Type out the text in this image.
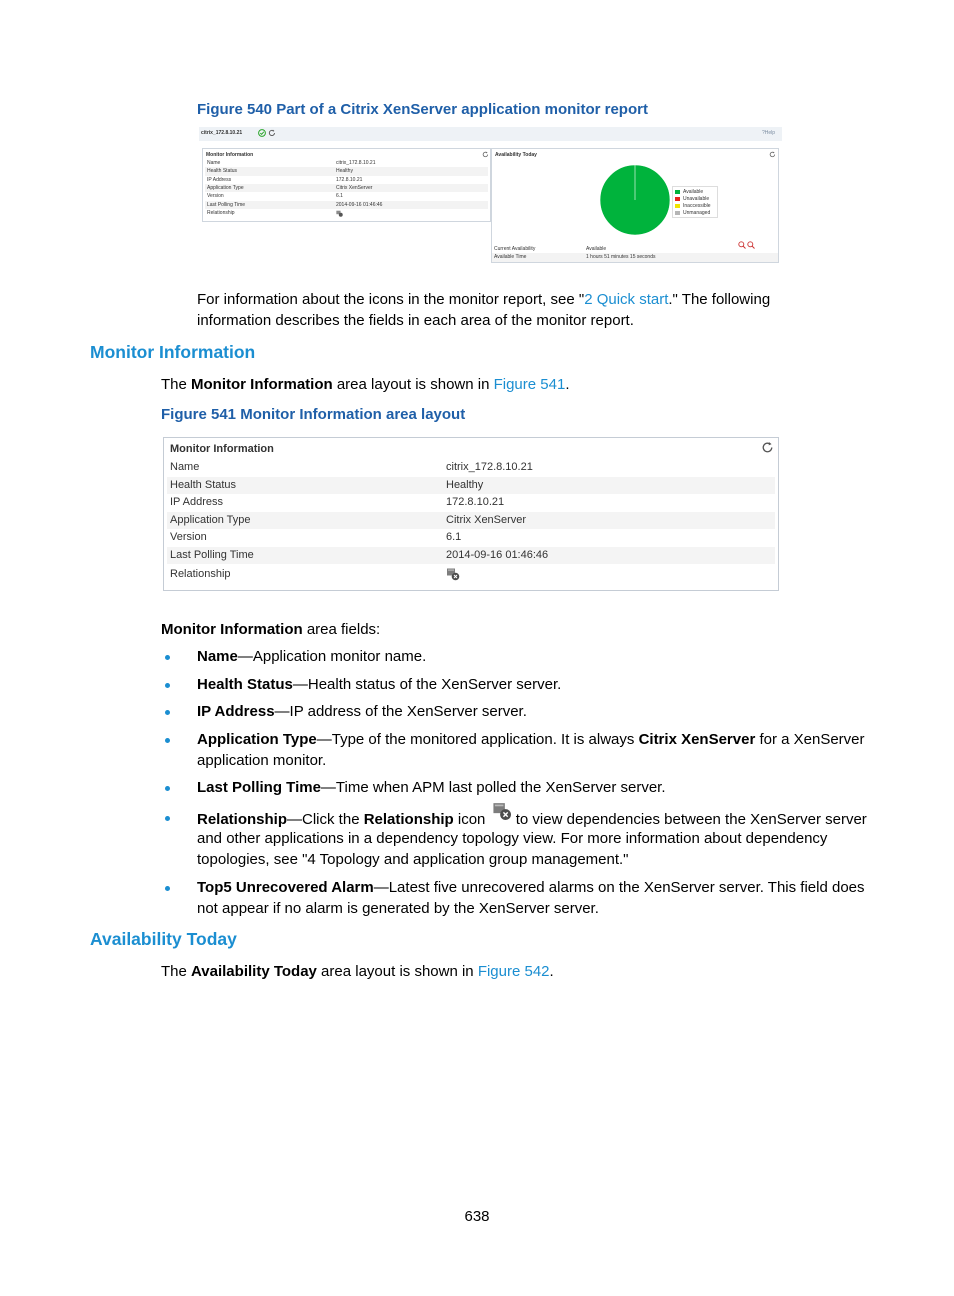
Figure 540 Part of a Citrix XenServer application monitor report
citrix_172.8.10.21	?Help
Monitor Information
Name	citrix_172.8.10.21
Health Status	Healthy
IP Address	172.8.10.21
Application Type	Citrix XenServer
Version	6.1
Last Polling Time	2014-09-16 01:46:46
Relationship
Availability Today
Available
Unavailable
Inaccessible
Unmanaged
Current Availability	Available
Available Time	1 hours 51 minutes 15 seconds
For information about the icons in the monitor report, see "2 Quick start." The following
information describes the fields in each area of the monitor report.
Monitor Information
The Monitor Information area layout is shown in Figure 541.
Figure 541 Monitor Information area layout
Monitor Information
Name	citrix_172.8.10.21
Health Status	Healthy
IP Address	172.8.10.21
Application Type	Citrix XenServer
Version	6.1
Last Polling Time	2014-09-16 01:46:46
Relationship
Monitor Information area fields:
Name—Application monitor name.
Health Status—Health status of the XenServer server.
IP Address—IP address of the XenServer server.
Application Type—Type of the monitored application. It is always Citrix XenServer for a XenServer
application monitor.
Last Polling Time—Time when APM last polled the XenServer server.
Relationship—Click the Relationship icon
to view dependencies between the XenServer server
and other applications in a dependency topology view. For more information about dependency
topologies, see "4 Topology and application group management."
Top5 Unrecovered Alarm—Latest five unrecovered alarms on the XenServer server. This field does
not appear if no alarm is generated by the XenServer server.
Availability Today
The Availability Today area layout is shown in Figure 542.
638
